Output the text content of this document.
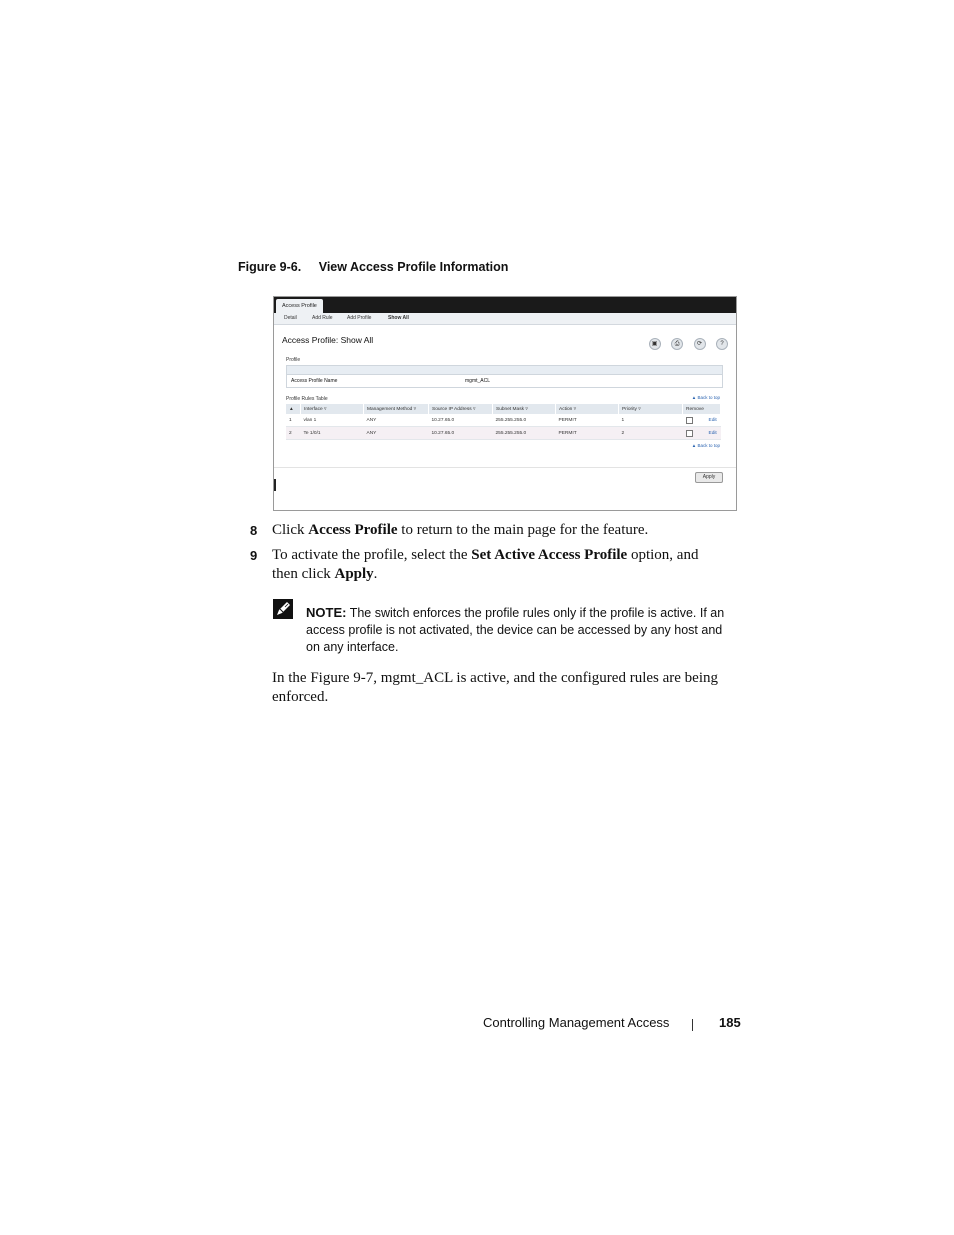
Figure 9-6. View Access Profile Information
Access Profile
Detail	Add Rule	Add Profile	Show All
Access Profile: Show All	▣	⎙	⟳	?
Profile
Access Profile Name	mgmt_ACL
Profile Rules Table	▲ Back to top
▲	Interface ▿	Management Method ▿	Source IP Address ▿	Subnet Mask ▿	Action ▿	Priority ▿	Remove
1	vlan 1	ANY	10.27.65.0	255.255.255.0	PERMIT	1	Edit
2	Te 1/0/1	ANY	10.27.65.0	255.255.255.0	PERMIT	2	Edit
▲ Back to top
Apply
8 Click Access Profile to return to the main page for the feature.
9 To activate the profile, select the Set Active Access Profile option, and then click Apply.
NOTE: The switch enforces the profile rules only if the profile is active. If an access profile is not activated, the device can be accessed by any host and on any interface.
In the Figure 9-7, mgmt_ACL is active, and the configured rules are being enforced.
Controlling Management Access	185
